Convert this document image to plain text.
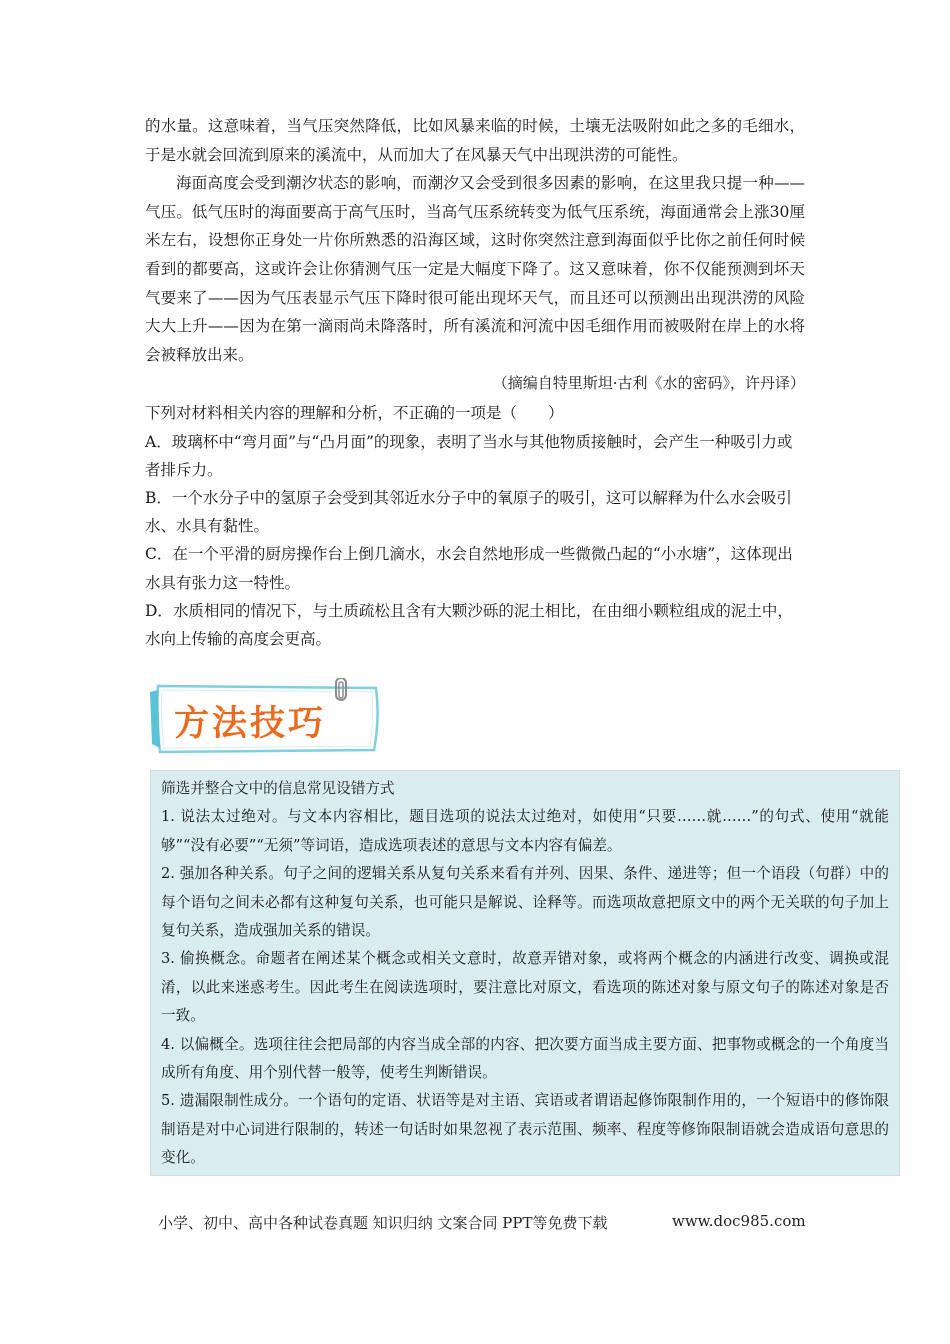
的水量。这意味着，当气压突然降低，比如风暴来临的时候，土壤无法吸附如此之多的毛细水，于是水就会回流到原来的溪流中，从而加大了在风暴天气中出现洪涝的可能性。

海面高度会受到潮汐状态的影响，而潮汐又会受到很多因素的影响，在这里我只提一种——气压。低气压时的海面要高于高气压时，当高气压系统转变为低气压系统，海面通常会上涨30厘米左右，设想你正身处一片你所熟悉的沿海区域，这时你突然注意到海面似乎比你之前任何时候看到的都要高，这或许会让你猜测气压一定是大幅度下降了。这又意味着，你不仅能预测到坏天气要来了——因为气压表显示气压下降时很可能出现坏天气，而且还可以预测出出现洪涝的风险大大上升——因为在第一滴雨尚未降落时，所有溪流和河流中因毛细作用而被吸附在岸上的水将会被释放出来。

（摘编自特里斯坦·古利《水的密码》，许丹译）

下列对材料相关内容的理解和分析，不正确的一项是（　　）

A．玻璃杯中“弯月面”与“凸月面”的现象，表明了当水与其他物质接触时，会产生一种吸引力或者排斥力。

B．一个水分子中的氢原子会受到其邻近水分子中的氧原子的吸引，这可以解释为什么水会吸引水、水具有黏性。

C．在一个平滑的厨房操作台上倒几滴水，水会自然地形成一些微微凸起的“小水塘”，这体现出水具有张力这一特性。

D．水质相同的情况下，与土质疏松且含有大颗沙砾的泥土相比，在由细小颗粒组成的泥土中，水向上传输的高度会更高。

方法技巧

筛选并整合文中的信息常见设错方式

1. 说法太过绝对。与文本内容相比，题目选项的说法太过绝对，如使用“只要……就……”的句式、使用“就能够”“没有必要”“无须”等词语，造成选项表述的意思与文本内容有偏差。

2. 强加各种关系。句子之间的逻辑关系从复句关系来看有并列、因果、条件、递进等；但一个语段（句群）中的每个语句之间未必都有这种复句关系，也可能只是解说、诠释等。而选项故意把原文中的两个无关联的句子加上复句关系，造成强加关系的错误。

3. 偷换概念。命题者在阐述某个概念或相关文意时，故意弄错对象，或将两个概念的内涵进行改变、调换或混淆，以此来迷惑考生。因此考生在阅读选项时，要注意比对原文，看选项的陈述对象与原文句子的陈述对象是否一致。

4. 以偏概全。选项往往会把局部的内容当成全部的内容、把次要方面当成主要方面、把事物或概念的一个角度当成所有角度、用个别代替一般等，使考生判断错误。

5. 遗漏限制性成分。一个语句的定语、状语等是对主语、宾语或者谓语起修饰限制作用的，一个短语中的修饰限制语是对中心词进行限制的，转述一句话时如果忽视了表示范围、频率、程度等修饰限制语就会造成语句意思的变化。

小学、初中、高中各种试卷真题 知识归纳 文案合同 PPT等免费下载	www.doc985.com
